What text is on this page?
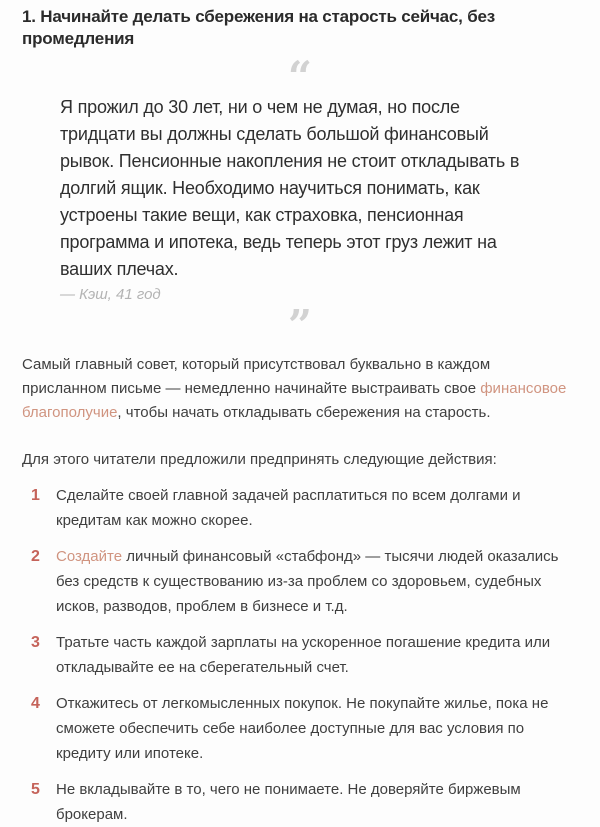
1. Начинайте делать сбережения на старость сейчас, без промедления
“

Я прожил до 30 лет, ни о чем не думая, но после тридцати вы должны сделать большой финансовый рывок. Пенсионные накопления не стоит откладывать в долгий ящик. Необходимо научиться понимать, как устроены такие вещи, как страховка, пенсионная программа и ипотека, ведь теперь этот груз лежит на ваших плечах.

— Кэш, 41 год
”

Самый главный совет, который присутствовал буквально в каждом присланном письме — немедленно начинайте выстраивать свое финансовое благополучие, чтобы начать откладывать сбережения на старость.

Для этого читатели предложили предпринять следующие действия:

1	Сделайте своей главной задачей расплатиться по всем долгами и кредитам как можно скорее.
2	Создайте личный финансовый «стабфонд» — тысячи людей оказались без средств к существованию из-за проблем со здоровьем, судебных исков, разводов, проблем в бизнесе и т.д.
3	Тратьте часть каждой зарплаты на ускоренное погашение кредита или откладывайте ее на сберегательный счет.
4	Откажитесь от легкомысленных покупок. Не покупайте жилье, пока не сможете обеспечить себе наиболее доступные для вас условия по кредиту или ипотеке.
5	Не вкладывайте в то, чего не понимаете. Не доверяйте биржевым брокерам.
